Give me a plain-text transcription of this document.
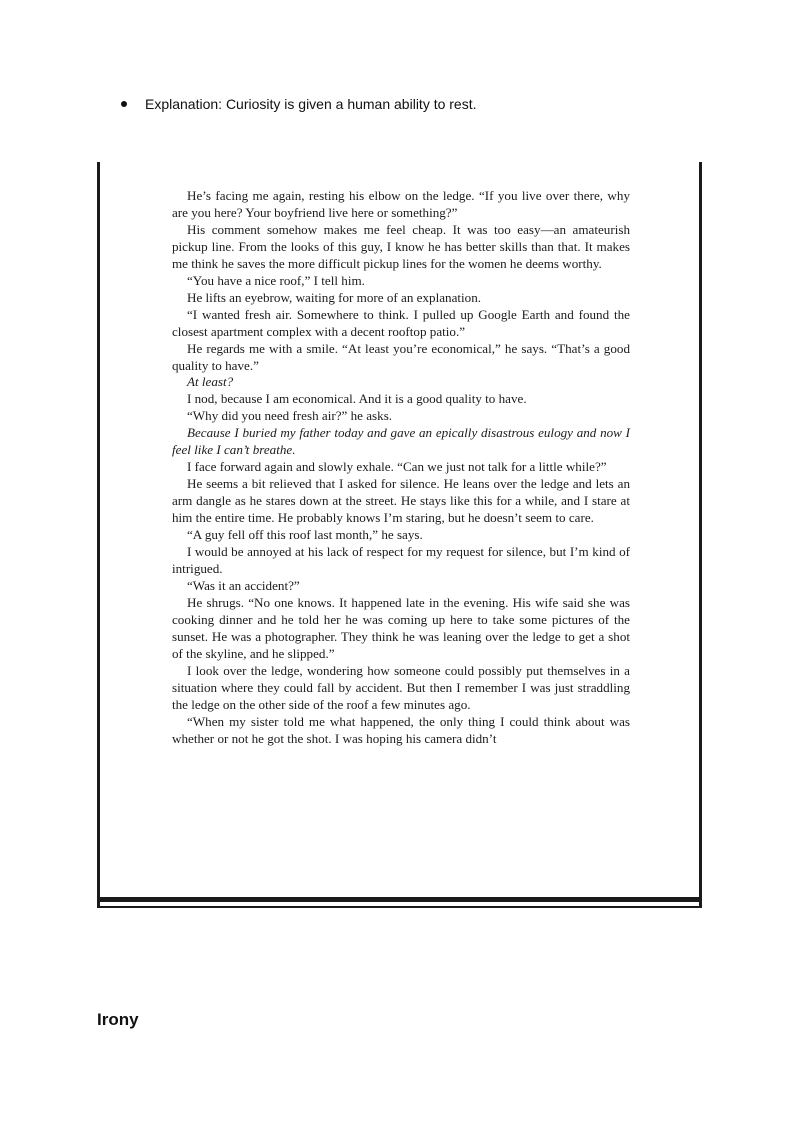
Explanation: Curiosity is given a human ability to rest.

He’s facing me again, resting his elbow on the ledge. “If you live over there, why are you here? Your boyfriend live here or something?”

His comment somehow makes me feel cheap. It was too easy—an amateurish pickup line. From the looks of this guy, I know he has better skills than that. It makes me think he saves the more difficult pickup lines for the women he deems worthy.

“You have a nice roof,” I tell him.

He lifts an eyebrow, waiting for more of an explanation.

“I wanted fresh air. Somewhere to think. I pulled up Google Earth and found the closest apartment complex with a decent rooftop patio.”

He regards me with a smile. “At least you’re economical,” he says. “That’s a good quality to have.”

At least?

I nod, because I am economical. And it is a good quality to have.

“Why did you need fresh air?” he asks.

Because I buried my father today and gave an epically disastrous eulogy and now I feel like I can’t breathe.

I face forward again and slowly exhale. “Can we just not talk for a little while?”

He seems a bit relieved that I asked for silence. He leans over the ledge and lets an arm dangle as he stares down at the street. He stays like this for a while, and I stare at him the entire time. He probably knows I’m staring, but he doesn’t seem to care.

“A guy fell off this roof last month,” he says.

I would be annoyed at his lack of respect for my request for silence, but I’m kind of intrigued.

“Was it an accident?”

He shrugs. “No one knows. It happened late in the evening. His wife said she was cooking dinner and he told her he was coming up here to take some pictures of the sunset. He was a photographer. They think he was leaning over the ledge to get a shot of the skyline, and he slipped.”

I look over the ledge, wondering how someone could possibly put themselves in a situation where they could fall by accident. But then I remember I was just straddling the ledge on the other side of the roof a few minutes ago.

“When my sister told me what happened, the only thing I could think about was whether or not he got the shot. I was hoping his camera didn’t

Irony
